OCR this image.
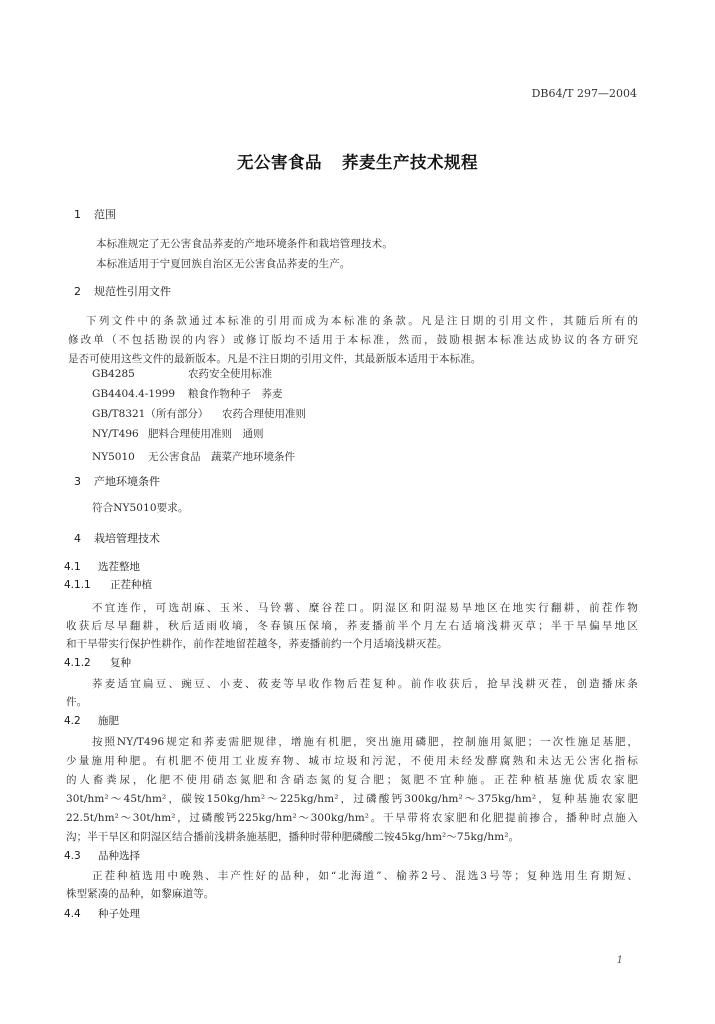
DB64/T 297—2004
无公害食品 荞麦生产技术规程
1 范围
本标准规定了无公害食品荞麦的产地环境条件和栽培管理技术。
本标准适用于宁夏回族自治区无公害食品荞麦的生产。
2 规范性引用文件
下列文件中的条款通过本标准的引用而成为本标准的条款。凡是注日期的引用文件，其随后所有的
修改单（不包括勘误的内容）或修订版均不适用于本标准，然而，鼓励根据本标准达成协议的各方研究
是否可使用这些文件的最新版本。凡是不注日期的引用文件，其最新版本适用于本标准。
GB4285	农药安全使用标准
GB4404.4-1999 粮食作物种子　荞麦
GB/T8321（所有部分） 农药合理使用准则
NY/T496 肥料合理使用准则　通则
NY5010 无公害食品　蔬菜产地环境条件
3 产地环境条件
符合NY5010要求。
4 栽培管理技术
4.1 选茬整地
4.1.1 正茬种植
不宜连作，可选胡麻、玉米、马铃薯、糜谷茬口。阴湿区和阴湿易旱地区在地实行翻耕，前茬作物
收获后尽早翻耕，秋后适雨收墒，冬春镇压保墒，荞麦播前半个月左右适墒浅耕灭草；半干旱偏旱地区
和干旱带实行保护性耕作，前作茬地留茬越冬，荞麦播前约一个月适墒浅耕灭茬。
4.1.2 复种
荞麦适宜扁豆、豌豆、小麦、莜麦等早收作物后茬复种。前作收获后，抢早浅耕灭茬，创造播床条
件。
4.2 施肥
按照NY/T496规定和荞麦需肥规律，增施有机肥，突出施用磷肥，控制施用氮肥；一次性施足基肥，
少量施用种肥。有机肥不使用工业废弃物、城市垃圾和污泥，不使用未经发酵腐熟和未达无公害化指标
的人畜粪尿，化肥不使用硝态氮肥和含硝态氮的复合肥；氮肥不宜种施。正茬种植基施优质农家肥
30t/hm²～45t/hm²，碳铵150kg/hm²～225kg/hm²，过磷酸钙300kg/hm²～375kg/hm²，复种基施农家肥
22.5t/hm²～30t/hm²，过磷酸钙225kg/hm²～300kg/hm²。干旱带将农家肥和化肥提前掺合，播种时点施入
沟；半干旱区和阴湿区结合播前浅耕条施基肥，播种时带种肥磷酸二铵45kg/hm²～75kg/hm²。
4.3 品种选择
正茬种植选用中晚熟、丰产性好的品种，如“北海道”、榆荞2号、混选3号等；复种选用生育期短、
株型紧凑的品种，如黎麻道等。
4.4 种子处理
1
